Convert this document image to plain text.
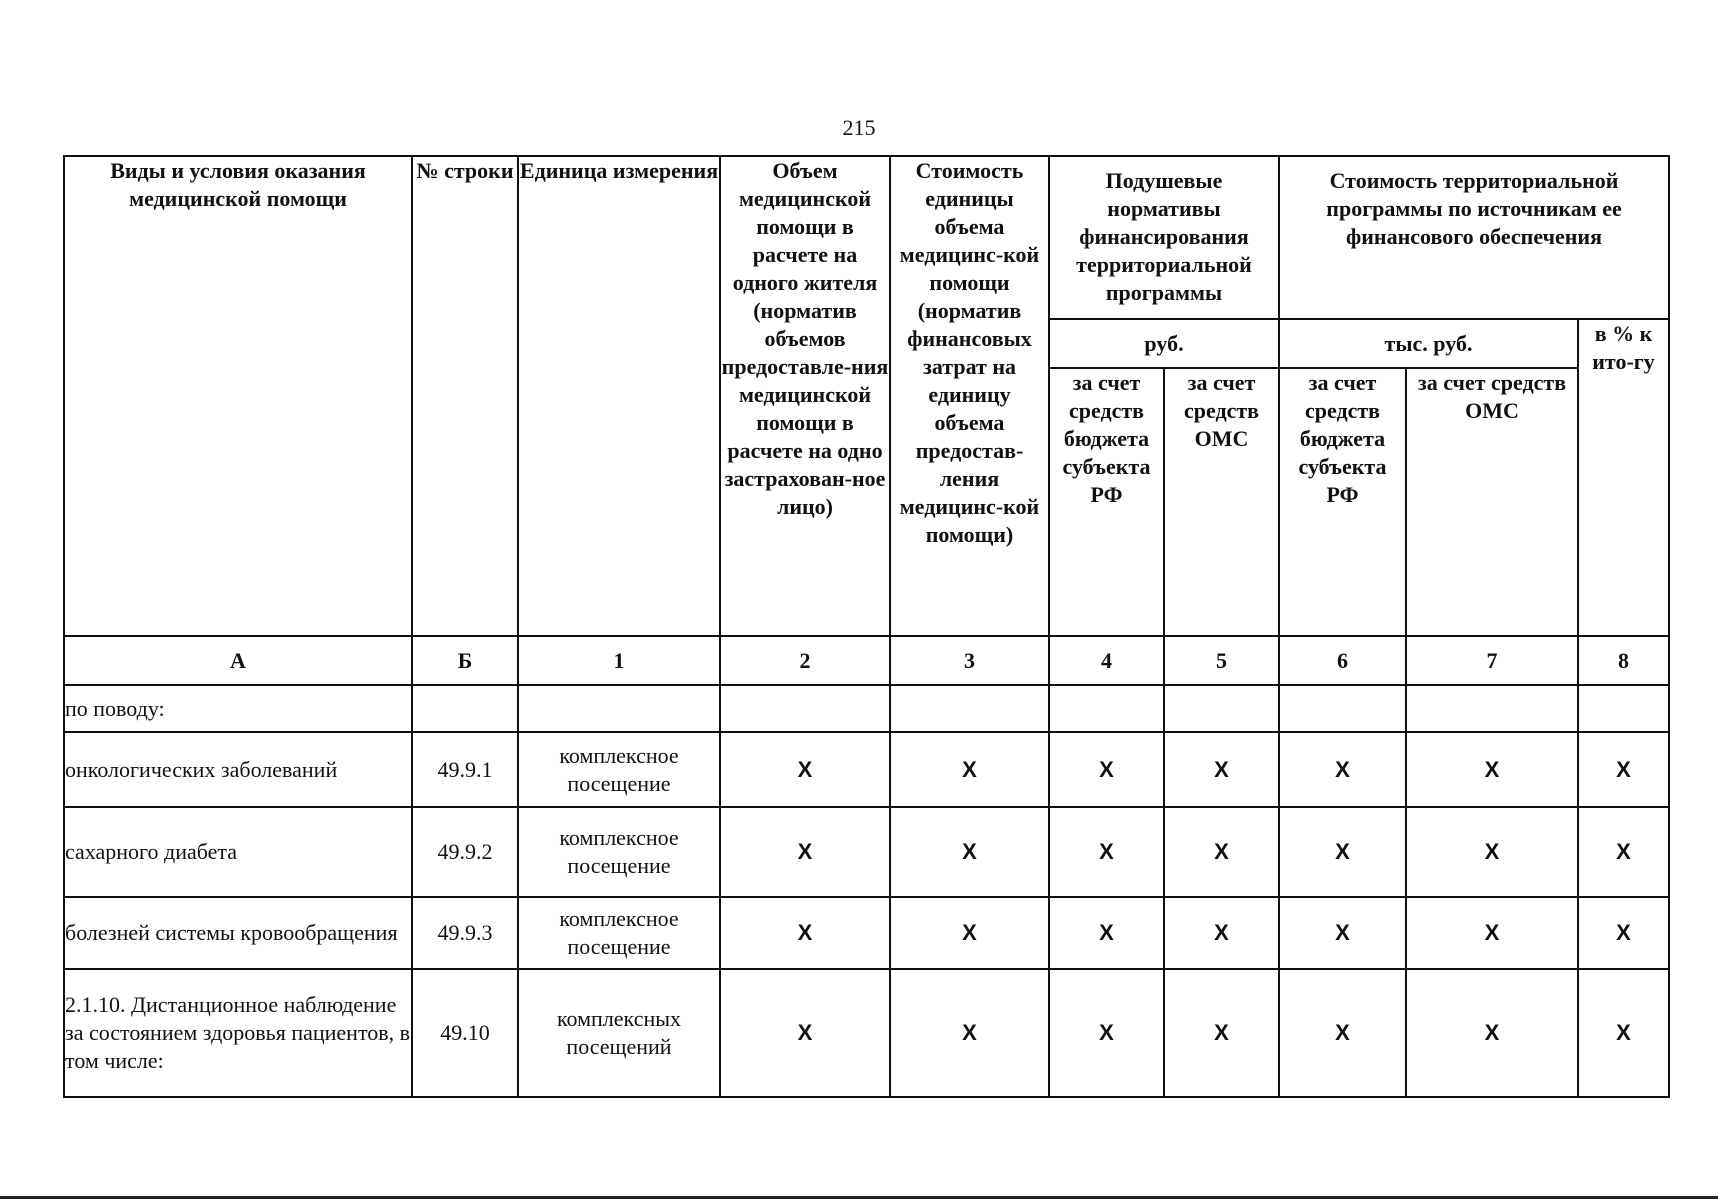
215
Виды и условия оказания медицинской помощи	№ строки	Единица измерения	Объем медицинской помощи в расчете на одного жителя (норматив объемов предоставле-ния медицинской помощи в расчете на одно застрахован-ное лицо)	Стоимость единицы объема медицинс-кой помощи (норматив финансовых затрат на единицу объема предостав-ления медицинс-кой помощи)	Подушевые нормативы финансирования территориальной программы		Стоимость территориальной программы по источникам ее финансового обеспечения		
					руб.		тыс. руб.		в % к ито-гу
					за счет средств бюджета субъекта РФ	за счет средств ОМС	за счет средств бюджета субъекта РФ	за счет средств ОМС	
А	Б	1	2	3	4	5	6	7	8
по поводу:									
онкологических заболеваний	49.9.1	комплексное посещение	X	X	X	X	X	X	X
сахарного диабета	49.9.2	комплексное посещение	X	X	X	X	X	X	X
болезней системы кровообращения	49.9.3	комплексное посещение	X	X	X	X	X	X	X
2.1.10. Дистанционное наблюдение за состоянием здоровья пациентов, в том числе:	49.10	комплексных посещений	X	X	X	X	X	X	X
